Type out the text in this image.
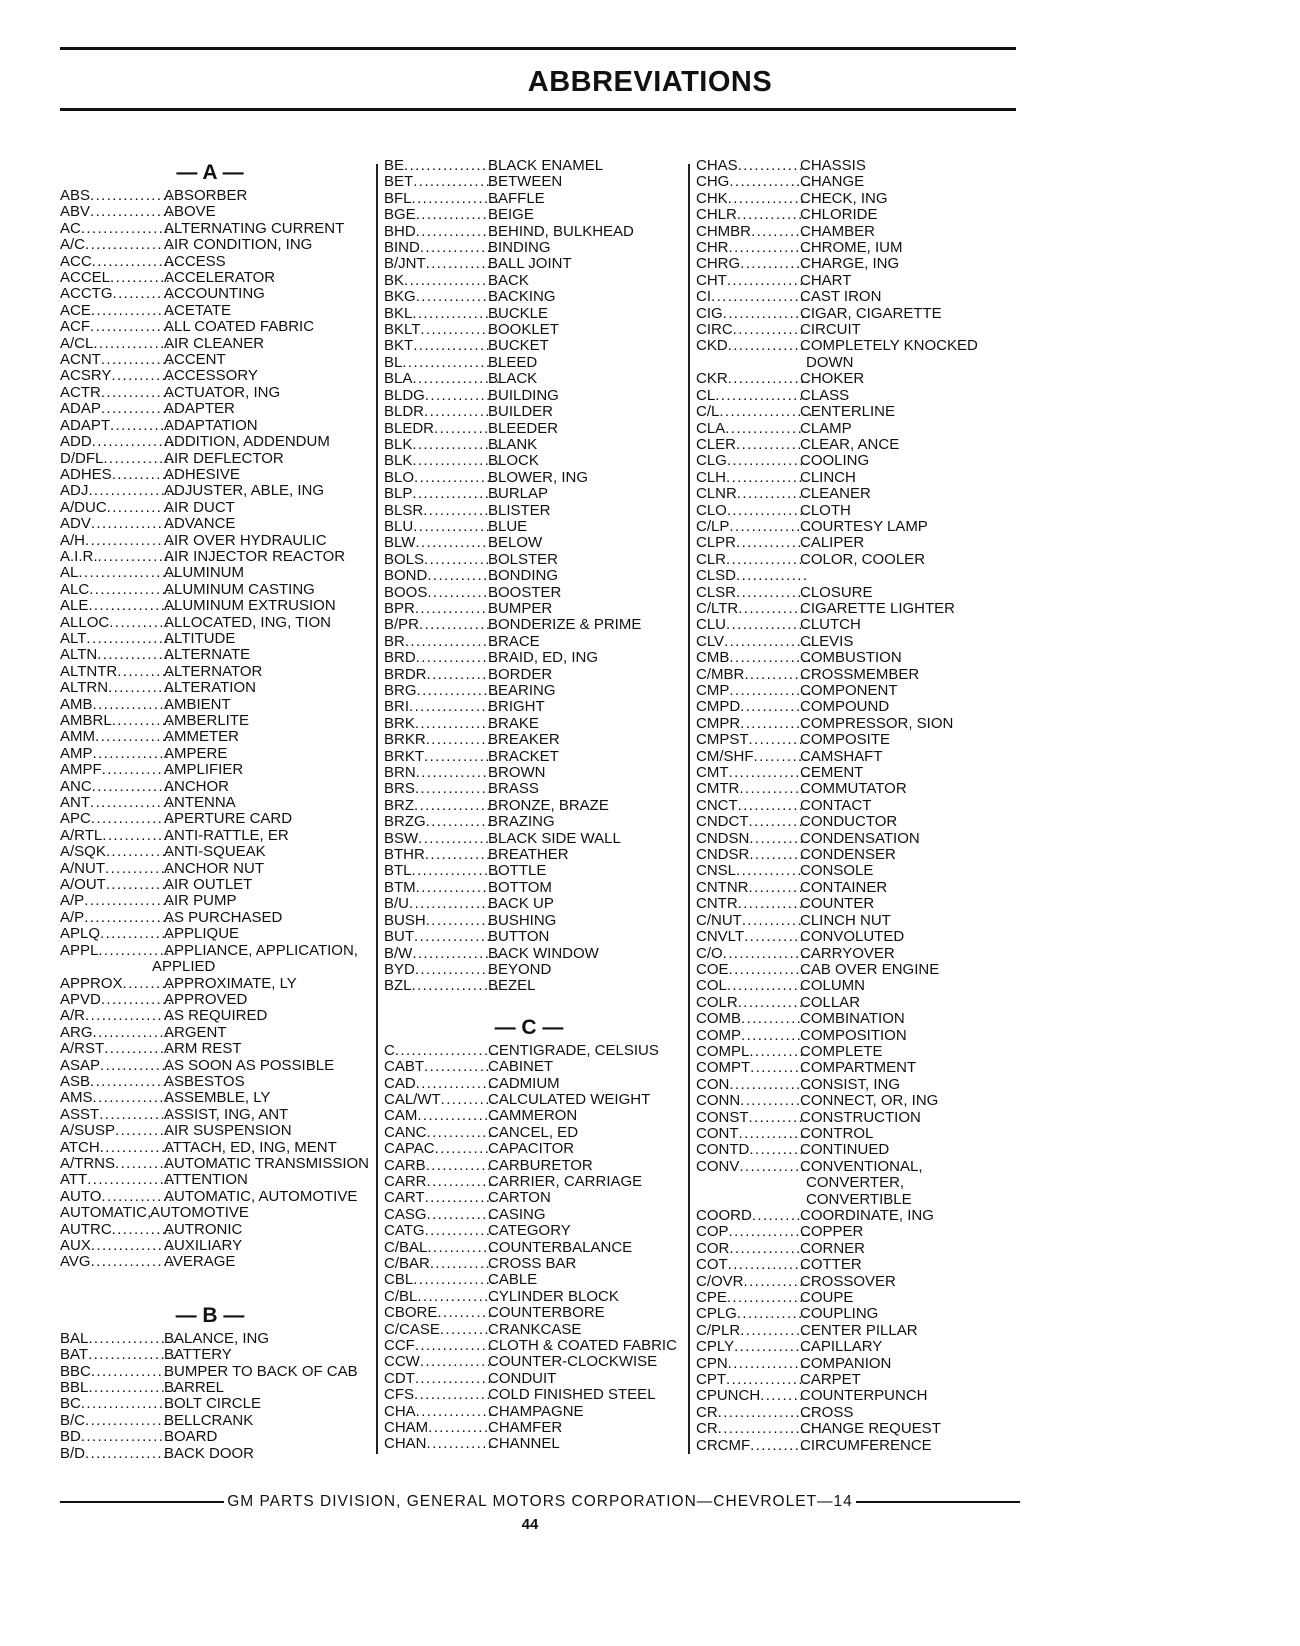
ABBREVIATIONS
— A —
ABS ...............
ABSORBER
ABV ...............
ABOVE
AC .................
ALTERNATING CURRENT
A/C ................
AIR CONDITION, ING
ACC ...............
ACCESS
ACCEL ...........
ACCELERATOR
ACCTG ...........
ACCOUNTING
ACE ...............
ACETATE
ACF ...............
ALL COATED FABRIC
A/CL ...............
AIR CLEANER
ACNT .............
ACCENT
ACSRY ...........
ACCESSORY
ACTR .............
ACTUATOR, ING
ADAP .............
ADAPTER
ADAPT ...........
ADAPTATION
ADD ...............
ADDITION, ADDENDUM
D/DFL .............
AIR DEFLECTOR
ADHES ...........
ADHESIVE
ADJ ................
ADJUSTER, ABLE, ING
A/DUC ............
AIR DUCT
ADV ...............
ADVANCE
A/H ................
AIR OVER HYDRAULIC
A.I.R. ..............
AIR INJECTOR REACTOR
AL ..................
ALUMINUM
ALC ...............
ALUMINUM CASTING
ALE ................
ALUMINUM EXTRUSION
ALLOC ...........
ALLOCATED, ING, TION
ALT ................
ALTITUDE
ALTN ..............
ALTERNATE
ALTNTR ..........
ALTERNATOR
ALTRN ............
ALTERATION
AMB ...............
AMBIENT
AMBRL ...........
AMBERLITE
AMM ..............
AMMETER
AMP ...............
AMPERE
AMPF .............
AMPLIFIER
ANC ...............
ANCHOR
ANT ...............
ANTENNA
APC ...............
APERTURE CARD
A/RTL .............
ANTI-RATTLE, ER
A/SQK ............
ANTI-SQUEAK
A/NUT ............
ANCHOR NUT
A/OUT ............
AIR OUTLET
A/P ................
AIR PUMP
A/P ................
AS PURCHASED
APLQ .............
APPLIQUE
APPL ..............
APPLIANCE, APPLICATION,
APPLIED
APPROX .........
APPROXIMATE, LY
APVD .............
APPROVED
A/R ................
AS REQUIRED
ARG ...............
ARGENT
A/RST ............
ARM REST
ASAP .............
AS SOON AS POSSIBLE
ASB ...............
ASBESTOS
AMS ...............
ASSEMBLE, LY
ASST .............
ASSIST, ING, ANT
A/SUSP ..........
AIR SUSPENSION
ATCH .............
ATTACH, ED, ING, MENT
A/TRNS ..........
AUTOMATIC TRANSMISSION
ATT ................
ATTENTION
AUTO .............
AUTOMATIC, AUTOMOTIVE
AUTOMATIC,
AUTOMOTIVE
AUTRC ...........
AUTRONIC
AUX ...............
AUXILIARY
AVG ...............
AVERAGE
— B —
BAL ................
BALANCE, ING
BAT ................
BATTERY
BBC ...............
BUMPER TO BACK OF CAB
BBL ................
BARREL
BC .................
BOLT CIRCLE
B/C ................
BELLCRANK
BD .................
BOARD
B/D ................
BACK DOOR
BE .................
BLACK ENAMEL
BET ...............
BETWEEN
BFL ................
BAFFLE
BGE ...............
BEIGE
BHD ...............
BEHIND, BULKHEAD
BIND ..............
BINDING
B/JNT .............
BALL JOINT
BK .................
BACK
BKG ...............
BACKING
BKL ................
BUCKLE
BKLT ..............
BOOKLET
BKT ...............
BUCKET
BL ..................
BLEED
BLA ................
BLACK
BLDG .............
BUILDING
BLDR .............
BUILDER
BLEDR ...........
BLEEDER
BLK ................
BLANK
BLK ................
BLOCK
BLO ...............
BLOWER, ING
BLP ................
BURLAP
BLSR .............
BLISTER
BLU ...............
BLUE
BLW ...............
BELOW
BOLS .............
BOLSTER
BOND .............
BONDING
BOOS .............
BOOSTER
BPR ...............
BUMPER
B/PR ..............
BONDERIZE & PRIME
BR .................
BRACE
BRD ...............
BRAID, ED, ING
BRDR .............
BORDER
BRG ...............
BEARING
BRI ................
BRIGHT
BRK ...............
BRAKE
BRKR .............
BREAKER
BRKT .............
BRACKET
BRN ...............
BROWN
BRS ...............
BRASS
BRZ ...............
BRONZE, BRAZE
BRZG .............
BRAZING
BSW ..............
BLACK SIDE WALL
BTHR .............
BREATHER
BTL ................
BOTTLE
BTM ...............
BOTTOM
B/U ................
BACK UP
BUSH .............
BUSHING
BUT ...............
BUTTON
B/W ................
BACK WINDOW
BYD ...............
BEYOND
BZL ................
BEZEL
— C —
C ...................
CENTIGRADE, CELSIUS
CABT .............
CABINET
CAD ...............
CADMIUM
CAL/WT ..........
CALCULATED WEIGHT
CAM ...............
CAMMERON
CANC .............
CANCEL, ED
CAPAC ...........
CAPACITOR
CARB .............
CARBURETOR
CARR .............
CARRIER, CARRIAGE
CART .............
CARTON
CASG .............
CASING
CATG .............
CATEGORY
C/BAL .............
COUNTERBALANCE
C/BAR ............
CROSS BAR
CBL ...............
CABLE
C/BL ...............
CYLINDER BLOCK
CBORE ...........
COUNTERBORE
C/CASE ..........
CRANKCASE
CCF ...............
CLOTH & COATED FABRIC
CCW ..............
COUNTER-CLOCKWISE
CDT ...............
CONDUIT
CFS ...............
COLD FINISHED STEEL
CHA ...............
CHAMPAGNE
CHAM ............
CHAMFER
CHAN .............
CHANNEL
CHAS .............
CHASSIS
CHG ...............
CHANGE
CHK ...............
CHECK, ING
CHLR .............
CHLORIDE
CHMBR ..........
CHAMBER
CHR ...............
CHROME, IUM
CHRG ............
CHARGE, ING
CHT ...............
CHART
CI ..................
CAST IRON
CIG ................
CIGAR, CIGARETTE
CIRC ..............
CIRCUIT
CKD ...............
COMPLETELY KNOCKED
DOWN
CKR ...............
CHOKER
CL .................
CLASS
C/L .................
CENTERLINE
CLA ...............
CLAMP
CLER .............
CLEAR, ANCE
CLG ...............
COOLING
CLH ...............
CLINCH
CLNR .............
CLEANER
CLO ...............
CLOTH
C/LP ...............
COURTESY LAMP
CLPR .............
CALIPER
CLR ...............
COLOR, COOLER
CLSD .............
CLSR .............
CLOSURE
C/LTR .............
CIGARETTE LIGHTER
CLU ...............
CLUTCH
CLV ................
CLEVIS
CMB ...............
COMBUSTION
C/MBR ............
CROSSMEMBER
CMP ...............
COMPONENT
CMPD ............
COMPOUND
CMPR ............
COMPRESSOR, SION
CMPST ...........
COMPOSITE
CM/SHF ..........
CAMSHAFT
CMT ...............
CEMENT
CMTR .............
COMMUTATOR
CNCT .............
CONTACT
CNDCT ...........
CONDUCTOR
CNDSN ...........
CONDENSATION
CNDSR ...........
CONDENSER
CNSL .............
CONSOLE
CNTNR ...........
CONTAINER
CNTR .............
COUNTER
C/NUT ............
CLINCH NUT
CNVLT ............
CONVOLUTED
C/O ................
CARRYOVER
COE ...............
CAB OVER ENGINE
COL ...............
COLUMN
COLR .............
COLLAR
COMB ............
COMBINATION
COMP ............
COMPOSITION
COMPL ...........
COMPLETE
COMPT ..........
COMPARTMENT
CON ...............
CONSIST, ING
CONN ............
CONNECT, OR, ING
CONST ...........
CONSTRUCTION
CONT .............
CONTROL
CONTD ...........
CONTINUED
CONV .............
CONVENTIONAL,
CONVERTER,
CONVERTIBLE
COORD ..........
COORDINATE, ING
COP ...............
COPPER
COR ...............
CORNER
COT ...............
COTTER
C/OVR ............
CROSSOVER
CPE ...............
COUPE
CPLG .............
COUPLING
C/PLR ............
CENTER PILLAR
CPLY ..............
CAPILLARY
CPN ...............
COMPANION
CPT ...............
CARPET
CPUNCH ........
COUNTERPUNCH
CR .................
CROSS
CR .................
CHANGE REQUEST
CRCMF ..........
CIRCUMFERENCE
GM PARTS DIVISION, GENERAL MOTORS CORPORATION—CHEVROLET—14
44
